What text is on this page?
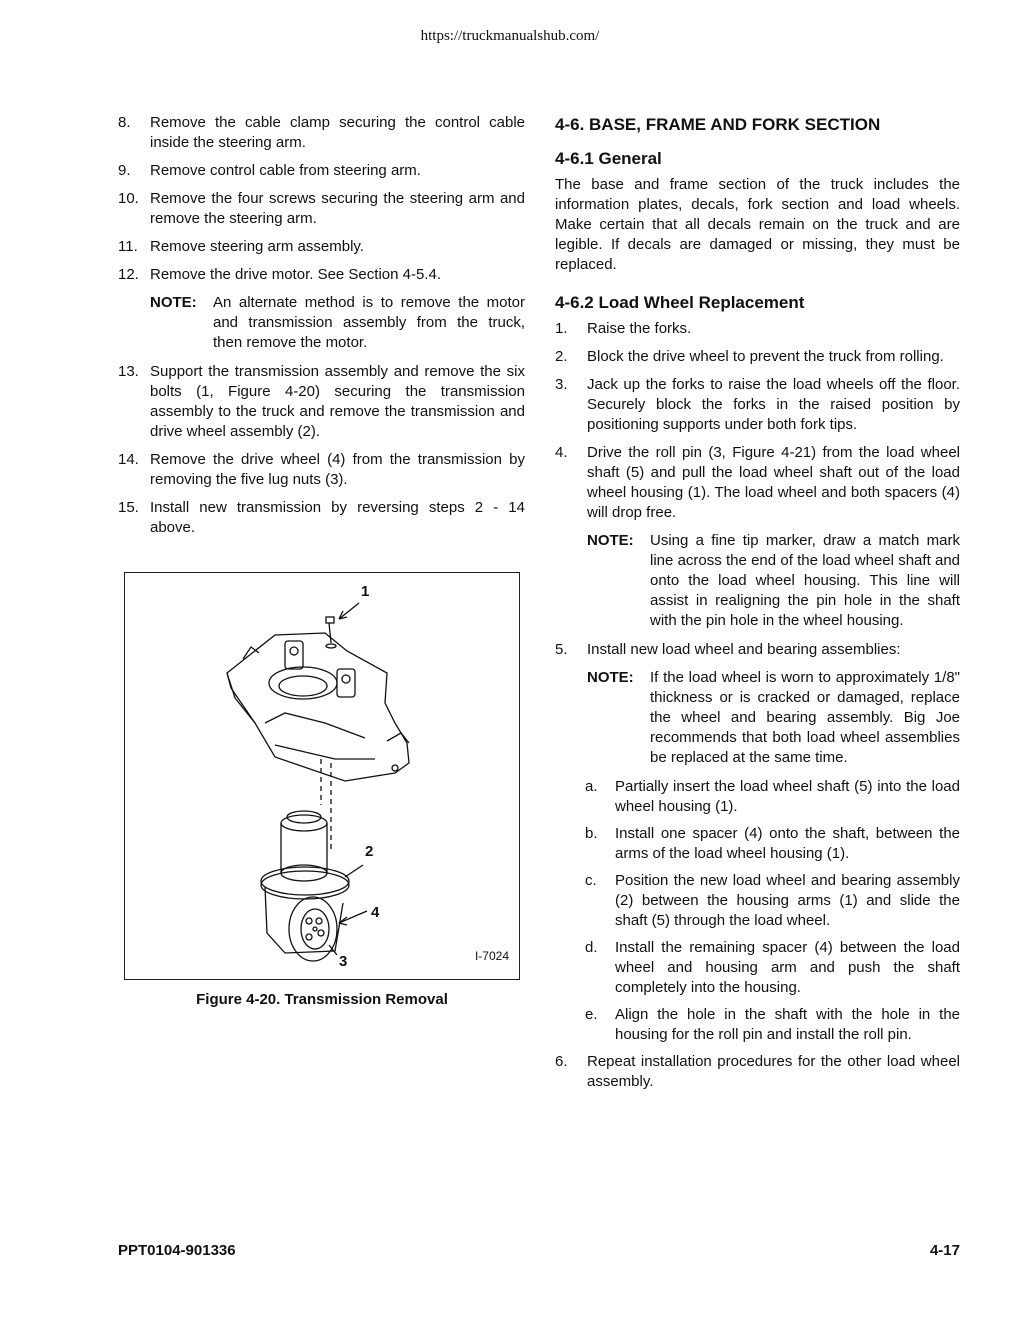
https://truckmanualshub.com/
8.	Remove the cable clamp securing the control cable inside the steering arm.
9.	Remove control cable from steering arm.
10. Remove the four screws securing the steering arm and remove the steering arm.
11. Remove steering arm assembly.
12. Remove the drive motor. See Section 4-5.4.
NOTE:	An alternate method is to remove the motor and transmission assembly from the truck, then remove the motor.
13. Support the transmission assembly and remove the six bolts (1, Figure 4-20) securing the transmission assembly to the truck and remove the transmission and drive wheel assembly (2).
14. Remove the drive wheel (4) from the transmission by removing the five lug nuts (3).
15. Install new transmission by reversing steps 2 - 14 above.
1
2
4
3	I-7024
Figure 4-20. Transmission Removal
4-6. BASE, FRAME AND FORK SECTION
4-6.1 General

The base and frame section of the truck includes the information plates, decals, fork section and load wheels. Make certain that all decals remain on the truck and are legible. If decals are damaged or missing, they must be replaced.

4-6.2 Load Wheel Replacement
1.	Raise the forks.
2.	Block the drive wheel to prevent the truck from rolling.
3.	Jack up the forks to raise the load wheels off the floor. Securely block the forks in the raised position by positioning supports under both fork tips.
4.	Drive the roll pin (3, Figure 4-21) from the load wheel shaft (5) and pull the load wheel shaft out of the load wheel housing (1). The load wheel and both spacers (4) will drop free.
NOTE:	Using a fine tip marker, draw a match mark line across the end of the load wheel shaft and onto the load wheel housing. This line will assist in realigning the pin hole in the shaft with the pin hole in the wheel housing.
5.	Install new load wheel and bearing assemblies:
NOTE:	If the load wheel is worn to approximately 1/8" thickness or is cracked or damaged, replace the wheel and bearing assembly. Big Joe recommends that both load wheel assemblies be replaced at the same time.
a.	Partially insert the load wheel shaft (5) into the load wheel housing (1).
b.	Install one spacer (4) onto the shaft, between the arms of the load wheel housing (1).
c.	Position the new load wheel and bearing assembly (2) between the housing arms (1) and slide the shaft (5) through the load wheel.
d.	Install the remaining spacer (4) between the load wheel and housing arm and push the shaft completely into the housing.
e.	Align the hole in the shaft with the hole in the housing for the roll pin and install the roll pin.
6.	Repeat installation procedures for the other load wheel assembly.
PPT0104-901336	4-17
